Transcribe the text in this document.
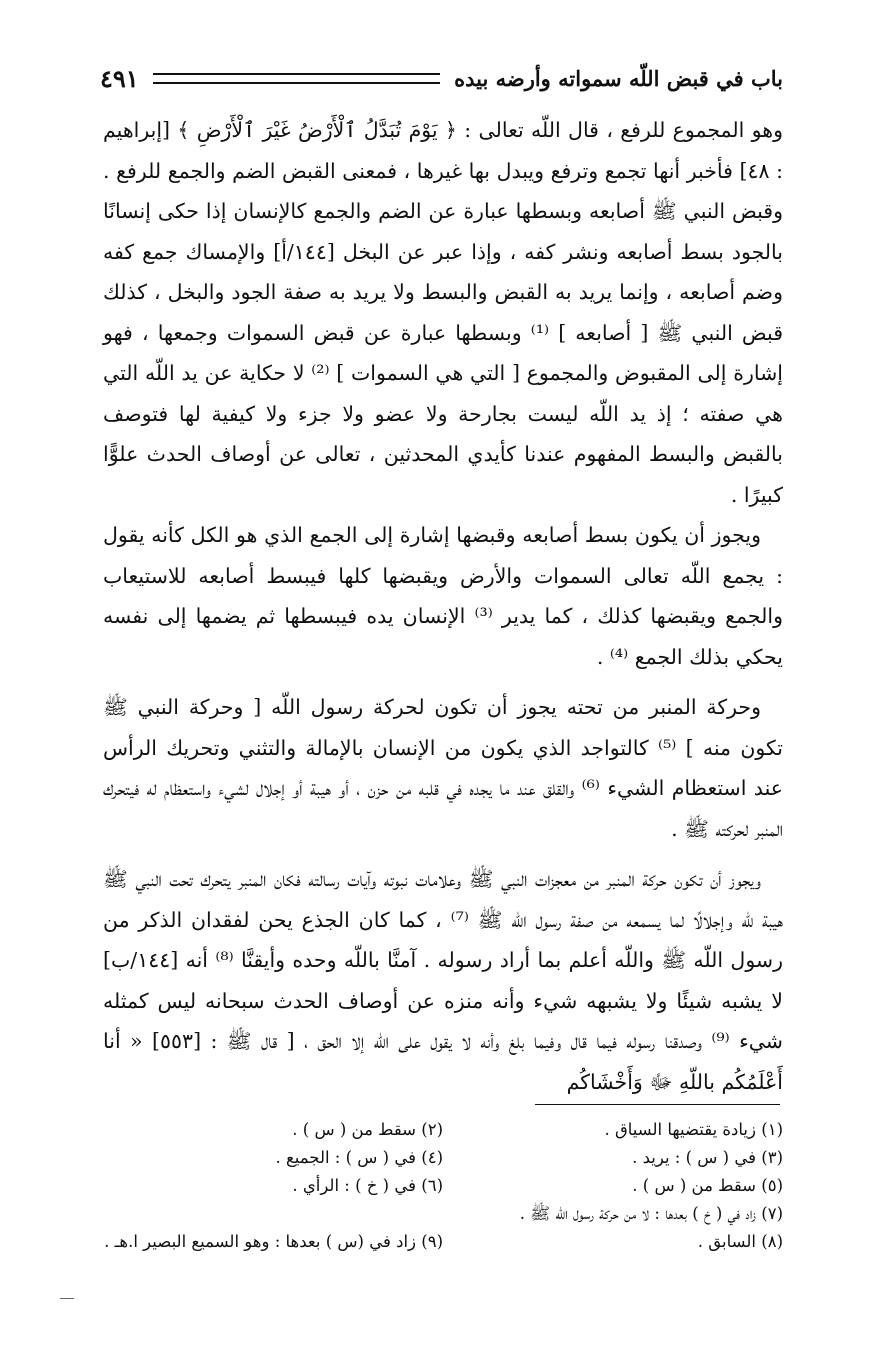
باب في قبض اللّه سمواته وأرضه بيده
٤٩١

وهو المجموع للرفع ، قال اللّه تعالى : ﴿ يَوْمَ تُبَدَّلُ ٱلْأَرْضُ غَيْرَ ٱلْأَرْضِ ﴾ [إبراهيم : ٤٨] فأخبر أنها تجمع وترفع ويبدل بها غيرها ، فمعنى القبض الضم والجمع للرفع . وقبض النبي ﷺ أصابعه وبسطها عبارة عن الضم والجمع كالإنسان إذا حكى إنسانًا بالجود بسط أصابعه ونشر كفه ، وإذا عبر عن البخل [١٤٤/أ] والإمساك جمع كفه وضم أصابعه ، وإنما يريد به القبض والبسط ولا يريد به صفة الجود والبخل ، كذلك قبض النبي ﷺ [ أصابعه ] ⁽¹⁾ وبسطها عبارة عن قبض السموات وجمعها ، فهو إشارة إلى المقبوض والمجموع [ التي هي السموات ] ⁽²⁾ لا حكاية عن يد اللّه التي هي صفته ؛ إذ يد اللّه ليست بجارحة ولا عضو ولا جزء ولا كيفية لها فتوصف بالقبض والبسط المفهوم عندنا كأيدي المحدثين ، تعالى عن أوصاف الحدث علوًّا كبيرًا .

ويجوز أن يكون بسط أصابعه وقبضها إشارة إلى الجمع الذي هو الكل كأنه يقول : يجمع اللّه تعالى السموات والأرض ويقبضها كلها فيبسط أصابعه للاستيعاب والجمع ويقبضها كذلك ، كما يدير ⁽³⁾ الإنسان يده فيبسطها ثم يضمها إلى نفسه يحكي بذلك الجمع ⁽⁴⁾ .

وحركة المنبر من تحته يجوز أن تكون لحركة رسول اللّه [ وحركة النبي ﷺ تكون منه ] ⁽⁵⁾ كالتواجد الذي يكون من الإنسان بالإمالة والتثني وتحريك الرأس عند استعظام الشيء ⁽⁶⁾ والقلق عند ما يجده في قلبه من حزن ، أو هيبة أو إجلال لشيء واستعظام له فيتحرك المنبر لحركته ﷺ .

ويجوز أن تكون حركة المنبر من معجزات النبي ﷺ وعلامات نبوته وآيات رسالته فكان المنبر يتحرك تحت النبي ﷺ هيبة للّه وإجلالًا لما يسمعه من صفة رسول اللّه ﷺ ⁽⁷⁾ ، كما كان الجذع يحن لفقدان الذكر من رسول اللّه ﷺ واللّه أعلم بما أراد رسوله . آمنَّا باللّه وحده وأيقنَّا ⁽⁸⁾ أنه [١٤٤/ب] لا يشبه شيئًا ولا يشبهه شيء وأنه منزه عن أوصاف الحدث سبحانه ليس كمثله شيء ⁽⁹⁾ وصدقنا رسوله فيما قال وفيما بلغ وأنه لا يقول على اللّه إلا الحق ، [ قال ﷺ : [٥٥٣] « أنا أَعْلَمُكُم باللّهِ ﷻ وَأَخْشَاكُم

(١) زيادة يقتضيها السياق .
(٢) سقط من ( س ) .
(٣) في ( س ) : يريد .
(٤) في ( س ) : الجميع .
(٥) سقط من ( س ) .
(٦) في ( خ ) : الرأي .
(٧) زاد في ( خ ) بعدها : لا من حركة رسول اللّه ﷺ .
(٨) السابق .
(٩) زاد في (س ) بعدها : وهو السميع البصير ا.هـ .
